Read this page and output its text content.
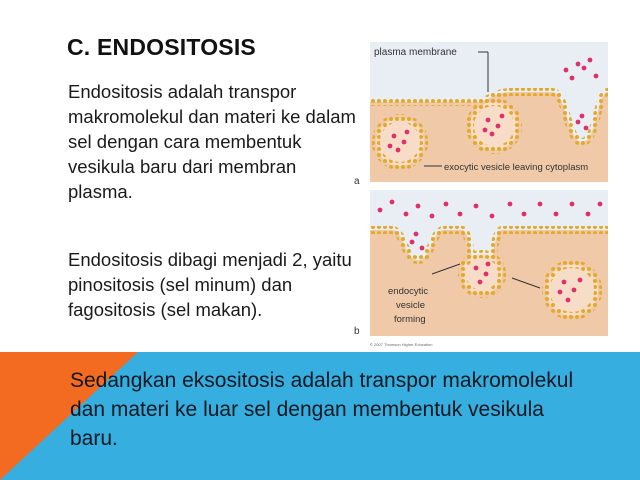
C. ENDOSITOSIS
Endositosis adalah transpor makromolekul dan materi ke dalam sel dengan cara membentuk vesikula baru dari membran plasma.
Endositosis dibagi menjadi 2, yaitu pinositosis (sel minum) dan fagositosis (sel makan).
plasma membrane
exocytic vesicle leaving cytoplasm
a
endocytic
vesicle
forming
b
© 2007 Thomson Higher Education
Sedangkan eksositosis adalah transpor makromolekul dan materi ke luar sel dengan membentuk vesikula baru.
